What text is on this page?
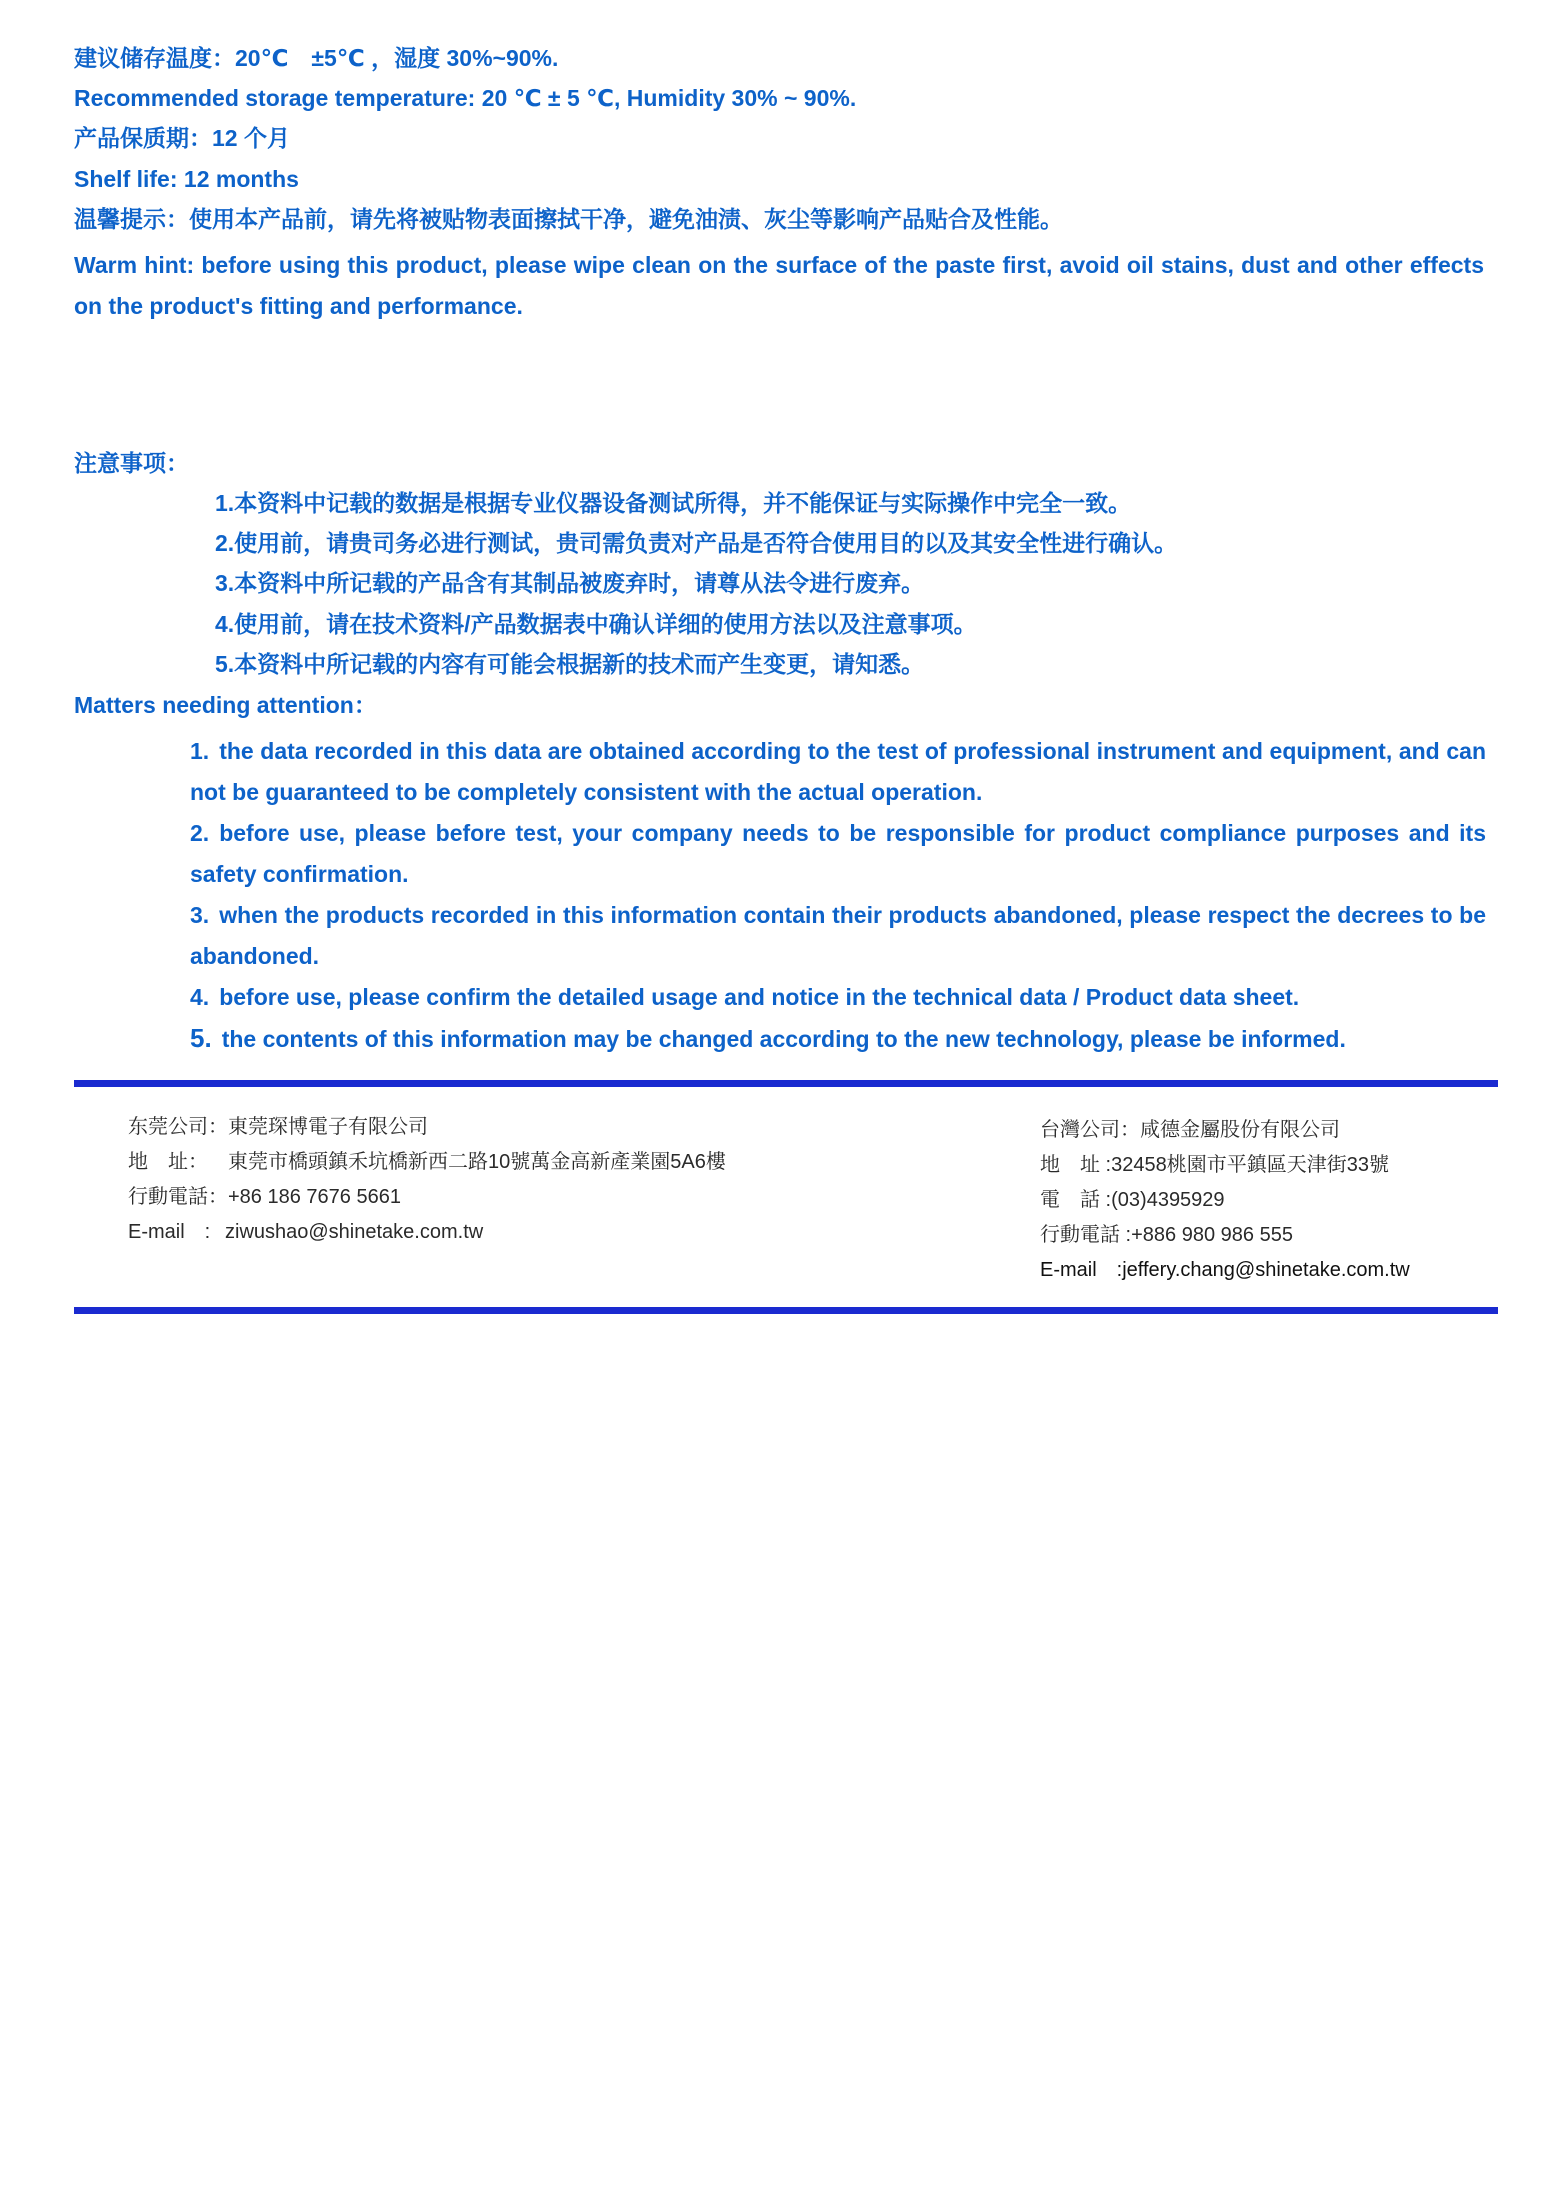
建议储存温度：20℃　±5℃ ，湿度 30%~90%.
Recommended storage temperature: 20 ℃ ± 5 ℃, Humidity 30% ~ 90%.
产品保质期：12 个月
Shelf life: 12 months
温馨提示：使用本产品前，请先将被贴物表面擦拭干净，避免油渍、灰尘等影响产品贴合及性能。
Warm hint: before using this product, please wipe clean on the surface of the paste first, avoid oil stains, dust and other effects on the product's fitting and performance.
注意事项：
1.本资料中记载的数据是根据专业仪器设备测试所得，并不能保证与实际操作中完全一致。
2.使用前，请贵司务必进行测试，贵司需负责对产品是否符合使用目的以及其安全性进行确认。
3.本资料中所记载的产品含有其制品被废弃时，请尊从法令进行废弃。
4.使用前，请在技术资料/产品数据表中确认详细的使用方法以及注意事项。
5.本资料中所记载的内容有可能会根据新的技术而产生变更，请知悉。
Matters needing attention：

1. the data recorded in this data are obtained according to the test of professional instrument and equipment, and can not be guaranteed to be completely consistent with the actual operation.

2. before use, please before test, your company needs to be responsible for product compliance purposes and its safety confirmation.

3. when the products recorded in this information contain their products abandoned, please respect the decrees to be abandoned.

4. before use, please confirm the detailed usage and notice in the technical data / Product data sheet.

5. the contents of this information may be changed according to the new technology, please be informed.

东莞公司：東莞琛博電子有限公司
地　址： 東莞市橋頭鎮禾坑橋新西二路10號萬金高新產業園5A6樓
行動電話：+86 186 7676 5661
E-mail　: ziwushao@shinetake.com.tw
台灣公司：咸德金屬股份有限公司
地　址 :32458桃園市平鎮區天津街33號
電　話 :(03)4395929
行動電話 :+886 980 986 555
E-mail　:jeffery.chang@shinetake.com.tw
